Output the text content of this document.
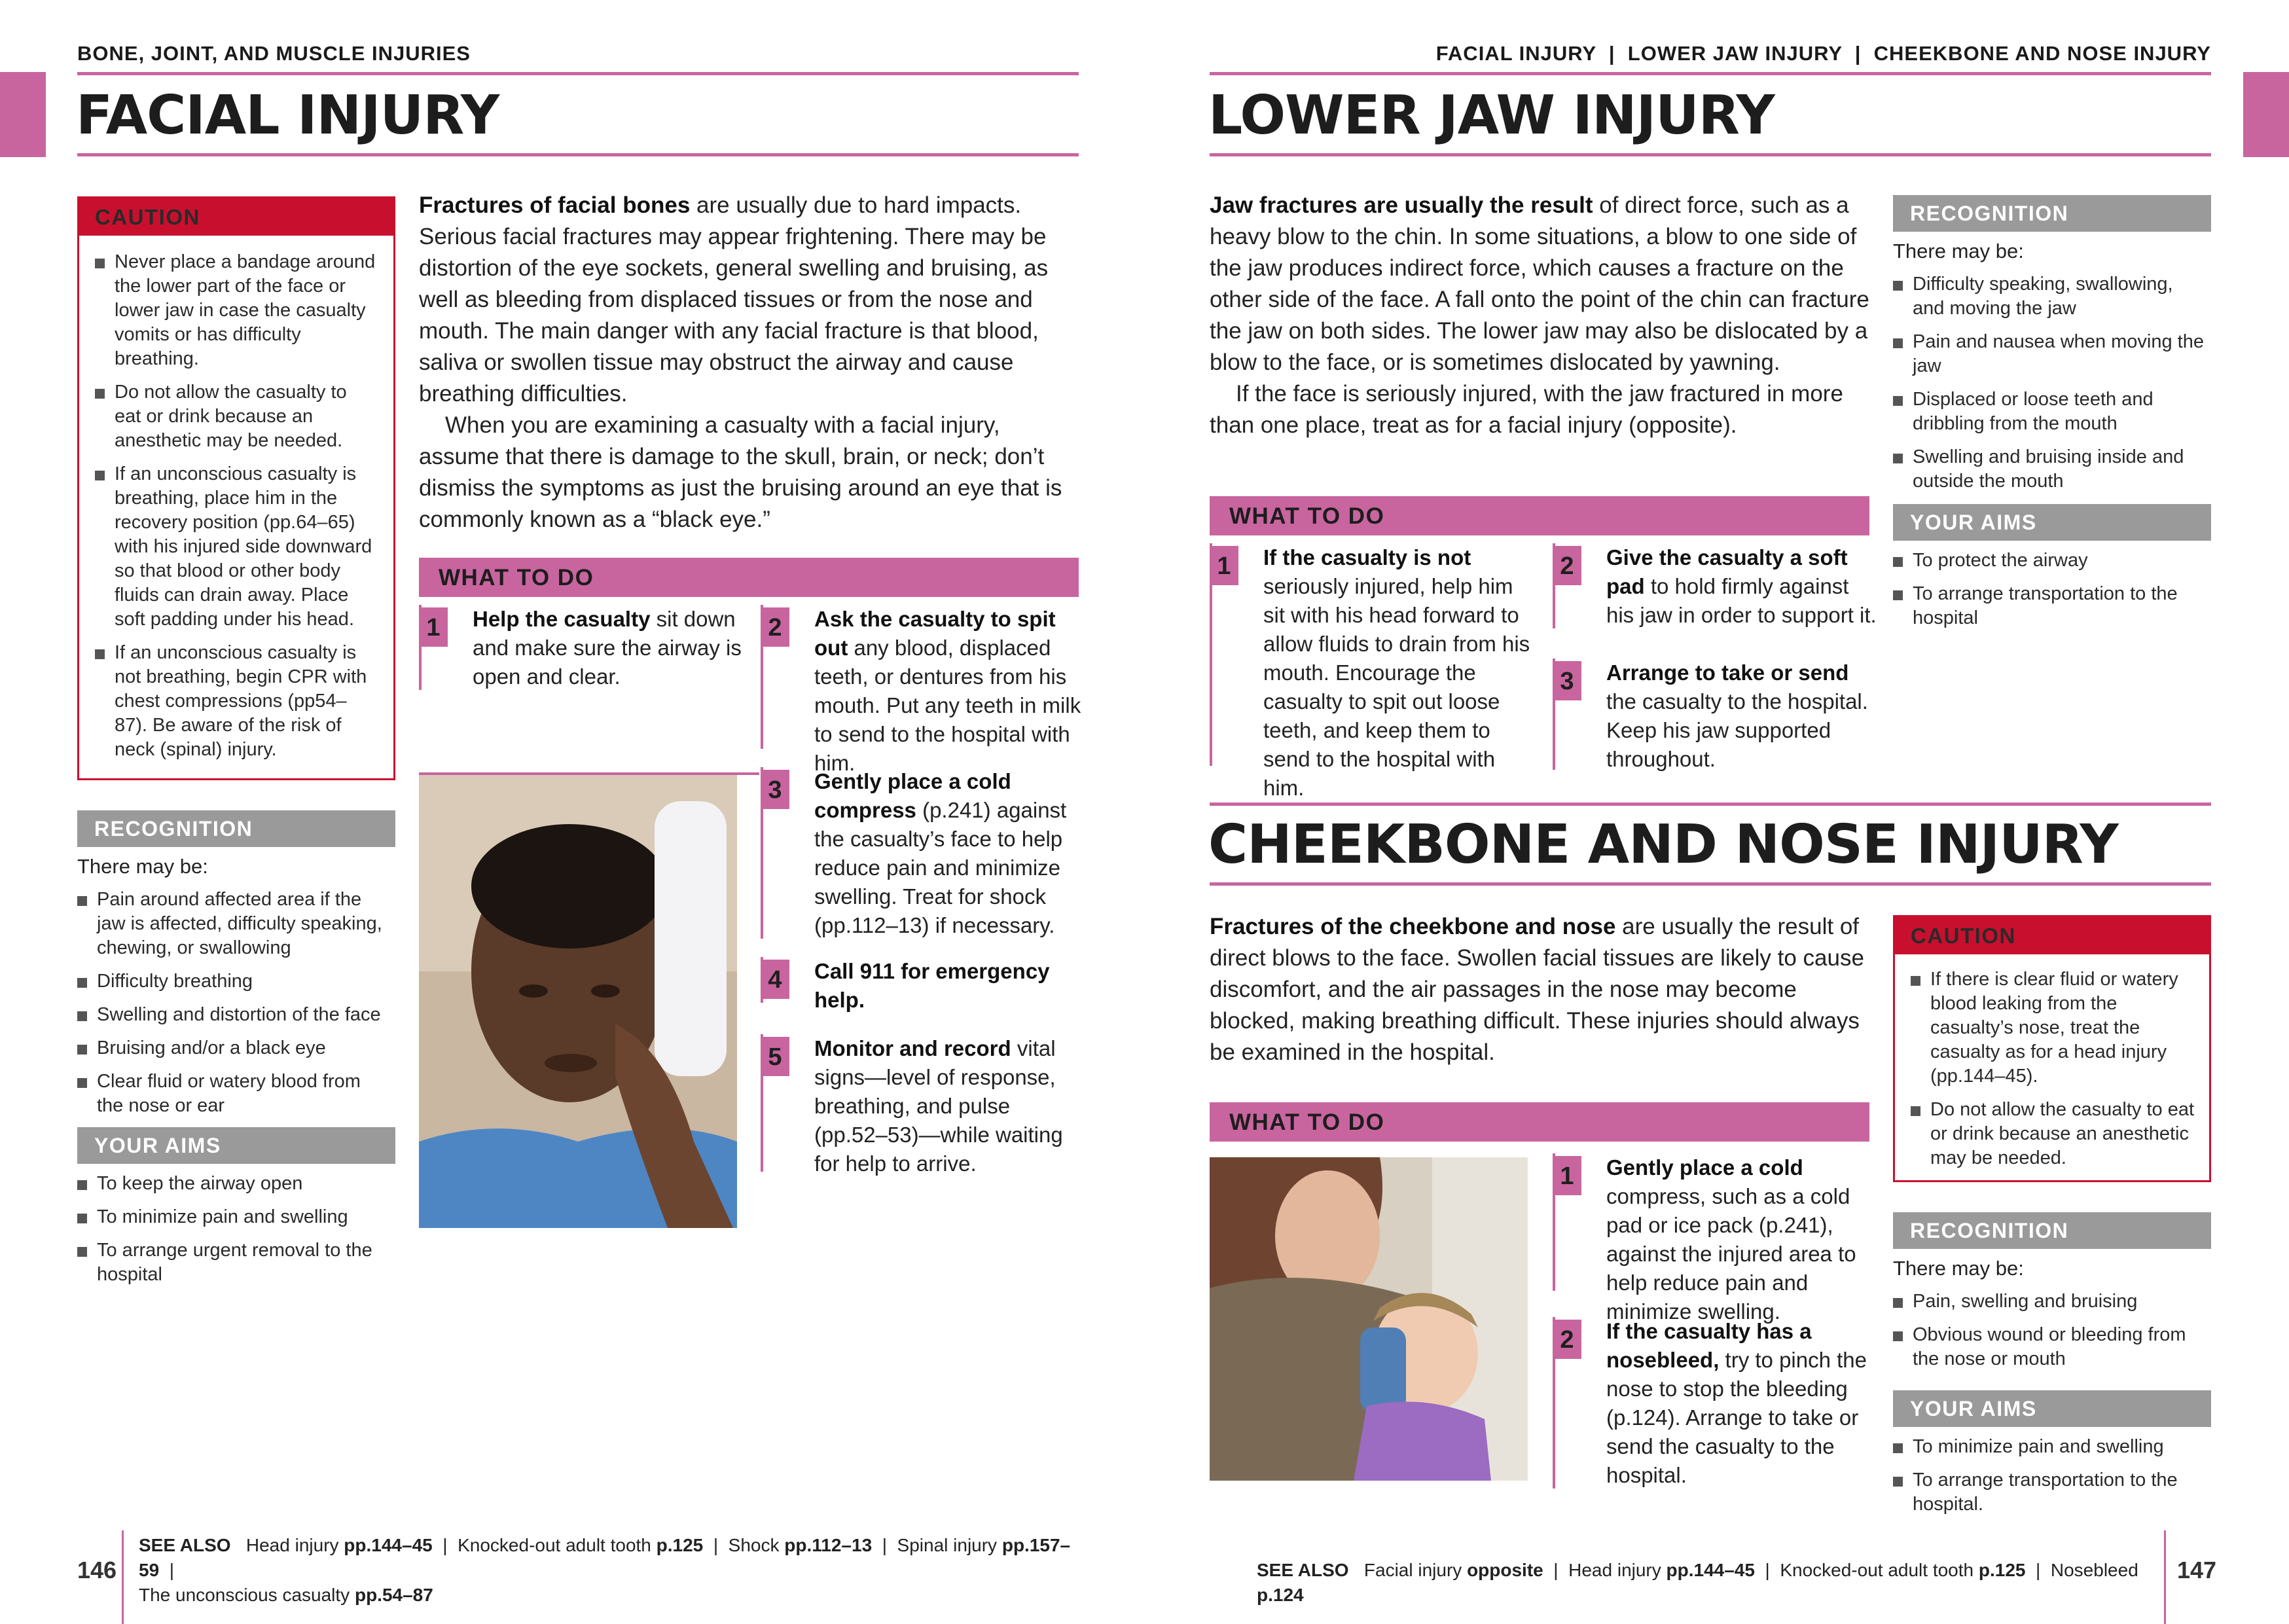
BONE, JOINT, AND MUSCLE INJURIES
FACIAL INJURY
CAUTION
Never place a bandage around the lower part of the face or lower jaw in case the casualty vomits or has difficulty breathing.
Do not allow the casualty to eat or drink because an anesthetic may be needed.
If an unconscious casualty is breathing, place him in the recovery position (pp.64–65) with his injured side downward so that blood or other body fluids can drain away. Place soft padding under his head.
If an unconscious casualty is not breathing, begin CPR with chest compressions (pp54–87). Be aware of the risk of neck (spinal) injury.
RECOGNITION
There may be:
Pain around affected area if the jaw is affected, difficulty speaking, chewing, or swallowing
Difficulty breathing
Swelling and distortion of the face
Bruising and/or a black eye
Clear fluid or watery blood from the nose or ear
YOUR AIMS
To keep the airway open
To minimize pain and swelling
To arrange urgent removal to the hospital

Fractures of facial bones are usually due to hard impacts. Serious facial fractures may appear frightening. There may be distortion of the eye sockets, general swelling and bruising, as well as bleeding from displaced tissues or from the nose and mouth. The main danger with any facial fracture is that blood, saliva or swollen tissue may obstruct the airway and cause breathing difficulties.

When you are examining a casualty with a facial injury, assume that there is damage to the skull, brain, or neck; don’t dismiss the symptoms as just the bruising around an eye that is commonly known as a “black eye.”

WHAT TO DO
1	Help the casualty sit down and make sure the airway is open and clear.
2	Ask the casualty to spit out any blood, displaced teeth, or dentures from his mouth. Put any teeth in milk to send to the hospital with him.
3	Gently place a cold compress (p.241) against the casualty’s face to help reduce pain and minimize swelling. Treat for shock (pp.112–13) if necessary.
4	Call 911 for emergency help.
5	Monitor and record vital signs—level of response, breathing, and pulse (pp.52–53)—while waiting for help to arrive.
146
SEE ALSO Head injury pp.144–45  |  Knocked-out adult tooth p.125  |  Shock pp.112–13  |  Spinal injury pp.157–59  |
The unconscious casualty pp.54–87
FACIAL INJURY  |  LOWER JAW INJURY  |  CHEEKBONE AND NOSE INJURY
LOWER JAW INJURY

Jaw fractures are usually the result of direct force, such as a heavy blow to the chin. In some situations, a blow to one side of the jaw produces indirect force, which causes a fracture on the other side of the face. A fall onto the point of the chin can fracture the jaw on both sides. The lower jaw may also be dislocated by a blow to the face, or is sometimes dislocated by yawning.

If the face is seriously injured, with the jaw fractured in more than one place, treat as for a facial injury (opposite).

WHAT TO DO
1	If the casualty is not seriously injured, help him sit with his head forward to allow fluids to drain from his mouth. Encourage the casualty to spit out loose teeth, and keep them to send to the hospital with him.
2	Give the casualty a soft pad to hold firmly against his jaw in order to support it.
3	Arrange to take or send the casualty to the hospital. Keep his jaw supported throughout.
RECOGNITION
There may be:
Difficulty speaking, swallowing, and moving the jaw
Pain and nausea when moving the jaw
Displaced or loose teeth and dribbling from the mouth
Swelling and bruising inside and outside the mouth
YOUR AIMS
To protect the airway
To arrange transportation to the hospital
CHEEKBONE AND NOSE INJURY

Fractures of the cheekbone and nose are usually the result of direct blows to the face. Swollen facial tissues are likely to cause discomfort, and the air passages in the nose may become blocked, making breathing difficult. These injuries should always be examined in the hospital.

WHAT TO DO
1	Gently place a cold compress, such as a cold pad or ice pack (p.241), against the injured area to help reduce pain and minimize swelling.
2	If the casualty has a nosebleed, try to pinch the nose to stop the bleeding (p.124). Arrange to take or send the casualty to the hospital.
CAUTION
If there is clear fluid or watery blood leaking from the casualty’s nose, treat the casualty as for a head injury (pp.144–45).
Do not allow the casualty to eat or drink because an anesthetic may be needed.
RECOGNITION
There may be:
Pain, swelling and bruising
Obvious wound or bleeding from the nose or mouth
YOUR AIMS
To minimize pain and swelling
To arrange transportation to the hospital.
SEE ALSO Facial injury opposite  |  Head injury pp.144–45  |  Knocked-out adult tooth p.125  |  Nosebleed p.124
147
